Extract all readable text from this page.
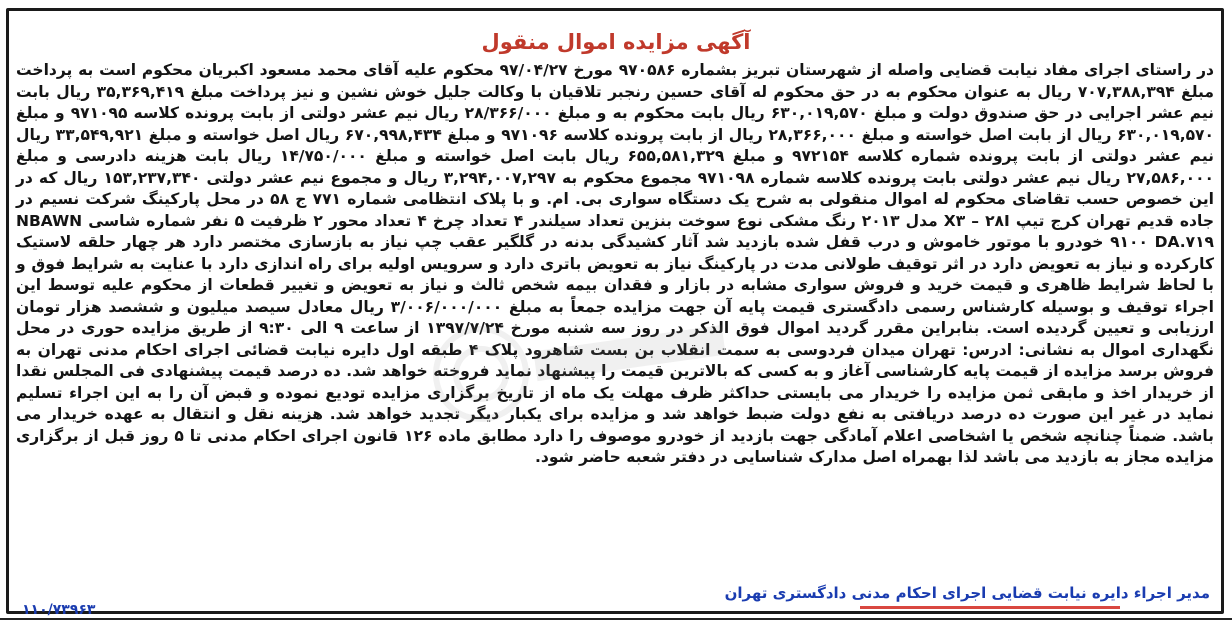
آگهی مزایده اموال منقول

در راستای اجرای مفاد نیابت قضایی واصله از شهرستان تبریز بشماره ۹۷۰۵۸۶ مورخ ۹۷/۰۴/۲۷ محکوم علیه آقای محمد مسعود اکبریان محکوم است به پرداخت مبلغ ۷۰۷,۳۸۸,۳۹۴ ریال به عنوان محکوم به در حق محکوم له آقای حسین رنجبر تلاقیان با وکالت جلیل خوش نشین و نیز پرداخت مبلغ ۳۵,۳۶۹,۴۱۹ ریال بابت نیم عشر اجرایی در حق صندوق دولت و مبلغ ۶۳۰,۰۱۹,۵۷۰ ریال بابت محکوم به و مبلغ ۲۸/۳۶۶/۰۰۰ ریال نیم عشر دولتی از بابت پرونده کلاسه ۹۷۱۰۹۵ و مبلغ ۶۳۰,۰۱۹,۵۷۰ ریال از بابت اصل خواسته و مبلغ ۲۸,۳۶۶,۰۰۰ ریال از بابت پرونده کلاسه ۹۷۱۰۹۶ و مبلغ ۶۷۰,۹۹۸,۴۳۴ ریال اصل خواسته و مبلغ ۳۳,۵۴۹,۹۲۱ ریال نیم عشر دولتی از بابت پرونده شماره کلاسه ۹۷۲۱۵۴ و مبلغ ۶۵۵,۵۸۱,۳۲۹ ریال بابت اصل خواسته و مبلغ ۱۴/۷۵۰/۰۰۰ ریال بابت هزینه دادرسی و مبلغ ۲۷,۵۸۶,۰۰۰ ریال نیم عشر دولتی بابت پرونده کلاسه شماره ۹۷۱۰۹۸ مجموع محکوم به ۳,۲۹۴,۰۰۷,۲۹۷ ریال و مجموع نیم عشر دولتی ۱۵۳,۲۳۷,۳۴۰ ریال که در این خصوص حسب تقاضای محکوم له اموال منقولی به شرح یک دستگاه سواری بی. ام. و با پلاک انتظامی شماره ۷۷۱ ج ۵۸ در محل پارکینگ شرکت نسیم در جاده قدیم تهران کرج تیپ X۳ – ۲۸I مدل ۲۰۱۳ رنگ مشکی نوع سوخت بنزین تعداد سیلندر ۴ تعداد چرخ ۴ تعداد محور ۲ ظرفیت ۵ نفر شماره شاسی NBAWN ۹۱۰۰ DA.۷۱۹ خودرو با موتور خاموش و درب قفل شده بازدید شد آثار کشیدگی بدنه در گلگیر عقب چپ نیاز به بازسازی مختصر دارد هر چهار حلقه لاستیک کارکرده و نیاز به تعویض دارد در اثر توقیف طولانی مدت در پارکینگ نیاز به تعویض باتری دارد و سرویس اولیه برای راه اندازی دارد با عنایت به شرایط فوق و با لحاظ شرایط ظاهری و قیمت خرید و فروش سواری مشابه در بازار و فقدان بیمه شخص ثالث و نیاز به تعویض و تغییر قطعات از محکوم علیه توسط این اجراء توقیف و بوسیله کارشناس رسمی دادگستری قیمت پایه آن جهت مزایده جمعاً به مبلغ ۳/۰۰۶/۰۰۰/۰۰۰ ریال معادل سیصد میلیون و ششصد هزار تومان ارزیابی و تعیین گردیده است. بنابراین مقرر گردید اموال فوق الذکر در روز سه شنبه مورخ ۱۳۹۷/۷/۲۴ از ساعت ۹ الی ۹:۳۰ از طریق مزایده حوری در محل نگهداری اموال به نشانی: ادرس: تهران میدان فردوسی به سمت انقلاب بن بست شاهرود پلاک ۴ طبقه اول دایره نیابت قضائی اجرای احکام مدنی تهران به فروش برسد مزایده از قیمت پایه کارشناسی آغاز و به کسی که بالاترین قیمت را پیشنهاد نماید فروخته خواهد شد. ده درصد قیمت پیشنهادی فی المجلس نقدا از خریدار اخذ و مابقی ثمن مزایده را خریدار می بایستی حداکثر ظرف مهلت یک ماه از تاریخ برگزاری مزایده تودیع نموده و قبض آن را به این اجراء تسلیم نماید در غیر این صورت ده درصد دریافتی به نفع دولت ضبط خواهد شد و مزایده برای یکبار دیگر تجدید خواهد شد. هزینه نقل و انتقال به عهده خریدار می باشد. ضمناً چنانچه شخص یا اشخاصی اعلام آمادگی جهت بازدید از خودرو موصوف را دارد مطابق ماده ۱۲۶ قانون اجرای احکام مدنی تا ۵ روز قبل از برگزاری مزایده مجاز به بازدید می باشد لذا بهمراه اصل مدارک شناسایی در دفتر شعبه حاضر شود.

مدیر اجراء دایره نیابت قضایی اجرای احکام مدنی دادگستری تهران
۱۱۰/۷۳۹۶۳
